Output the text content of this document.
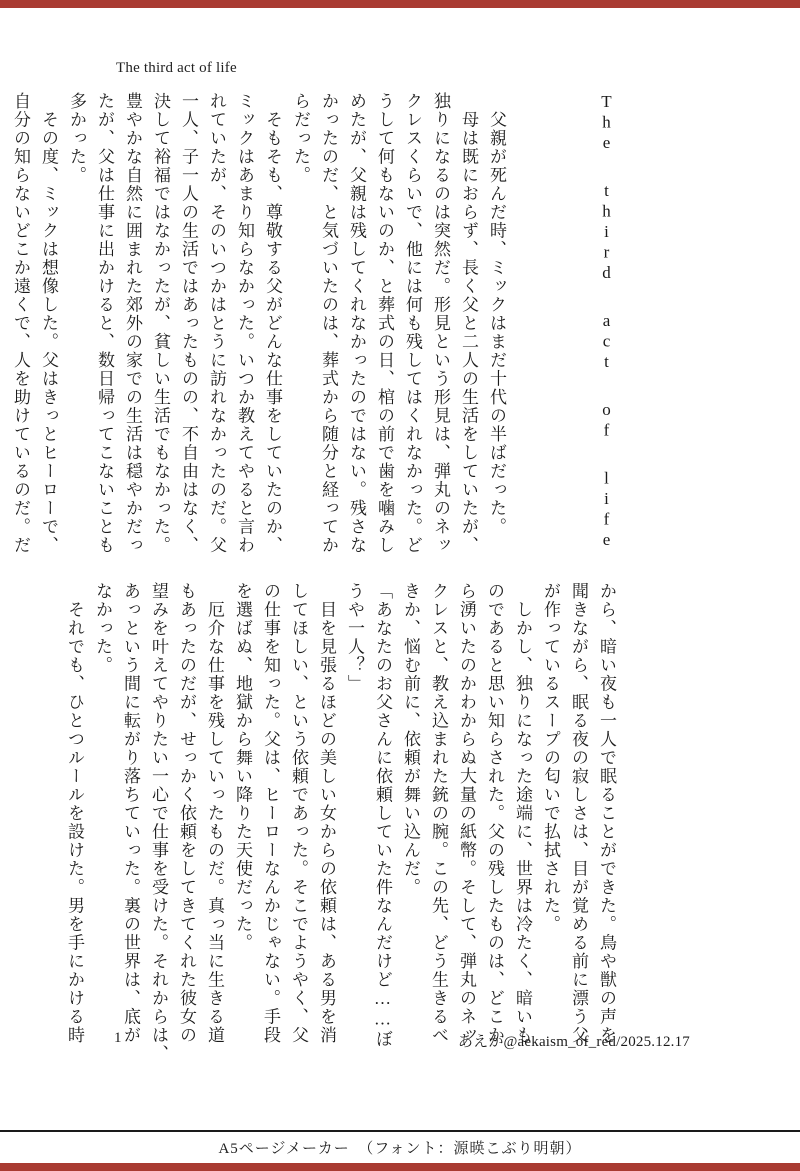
The third act of life

The third act of life

　父親が死んだ時、ミックはまだ十代の半ばだった。
　母は既におらず、長く父と二人の生活をしていたが、
独りになるのは突然だ。形見という形見は、弾丸のネッ
クレスくらいで、他には何も残してはくれなかった。ど
うして何もないのか、と葬式の日、棺の前で歯を噛みし
めたが、父親は残してくれなかったのではない。残さな
かったのだ、と気づいたのは、葬式から随分と経ってか
らだった。
　そもそも、尊敬する父がどんな仕事をしていたのか、
ミックはあまり知らなかった。いつか教えてやると言わ
れていたが、そのいつかはとうに訪れなかったのだ。父
一人、子一人の生活ではあったものの、不自由はなく、
決して裕福ではなかったが、貧しい生活でもなかった。
豊やかな自然に囲まれた郊外の家での生活は穏やかだっ
たが、父は仕事に出かけると、数日帰ってこないことも
多かった。
　その度、ミックは想像した。父はきっとヒーローで、
自分の知らないどこか遠くで、人を助けているのだ。だ

から、暗い夜も一人で眠ることができた。鳥や獣の声を
聞きながら、眠る夜の寂しさは、目が覚める前に漂う父
が作っているスープの匂いで払拭された。
　しかし、独りになった途端に、世界は冷たく、暗いも
のであると思い知らされた。父の残したものは、どこか
ら湧いたのかわからぬ大量の紙幣。そして、弾丸のネッ
クレスと、教え込まれた銃の腕。この先、どう生きるべ
きか、悩む前に、依頼が舞い込んだ。
「あなたのお父さんに依頼していた件なんだけど……ぼ
うや一人？」
　目を見張るほどの美しい女からの依頼は、ある男を消
してほしい、という依頼であった。そこでようやく、父
の仕事を知った。父は、ヒーローなんかじゃない。手段
を選ばぬ、地獄から舞い降りた天使だった。
　厄介な仕事を残していったものだ。真っ当に生きる道
もあったのだが、せっかく依頼をしてきてくれた彼女の
望みを叶えてやりたい一心で仕事を受けた。それからは、
あっという間に転がり落ちていった。裏の世界は、底が
なかった。
　それでも、ひとつルールを設けた。男を手にかける時 1	あえか@aekaism_of_red/2025.12.17
A5ページメーカー　（フォント：源暎こぶり明朝）
